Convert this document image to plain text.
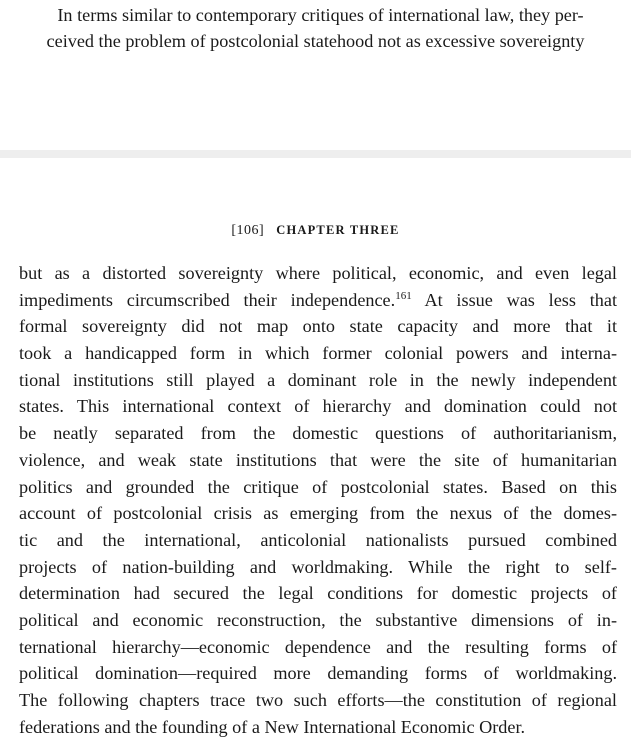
In terms similar to contemporary critiques of international law, they per-
ceived the problem of postcolonial statehood not as excessive sovereignty
[106] CHAPTER THREE
but as a distorted sovereignty where political, economic, and even legal
impediments circumscribed their independence.$^{161}$ At issue was less that
formal sovereignty did not map onto state capacity and more that it
took a handicapped form in which former colonial powers and interna-
tional institutions still played a dominant role in the newly independent
states. This international context of hierarchy and domination could not
be neatly separated from the domestic questions of authoritarianism,
violence, and weak state institutions that were the site of humanitarian
politics and grounded the critique of postcolonial states. Based on this
account of postcolonial crisis as emerging from the nexus of the domes-
tic and the international, anticolonial nationalists pursued combined
projects of nation-building and worldmaking. While the right to self-
determination had secured the legal conditions for domestic projects of
political and economic reconstruction, the substantive dimensions of in-
ternational hierarchy—economic dependence and the resulting forms of
political domination—required more demanding forms of worldmaking.
The following chapters trace two such efforts—the constitution of regional
federations and the founding of a New International Economic Order.
